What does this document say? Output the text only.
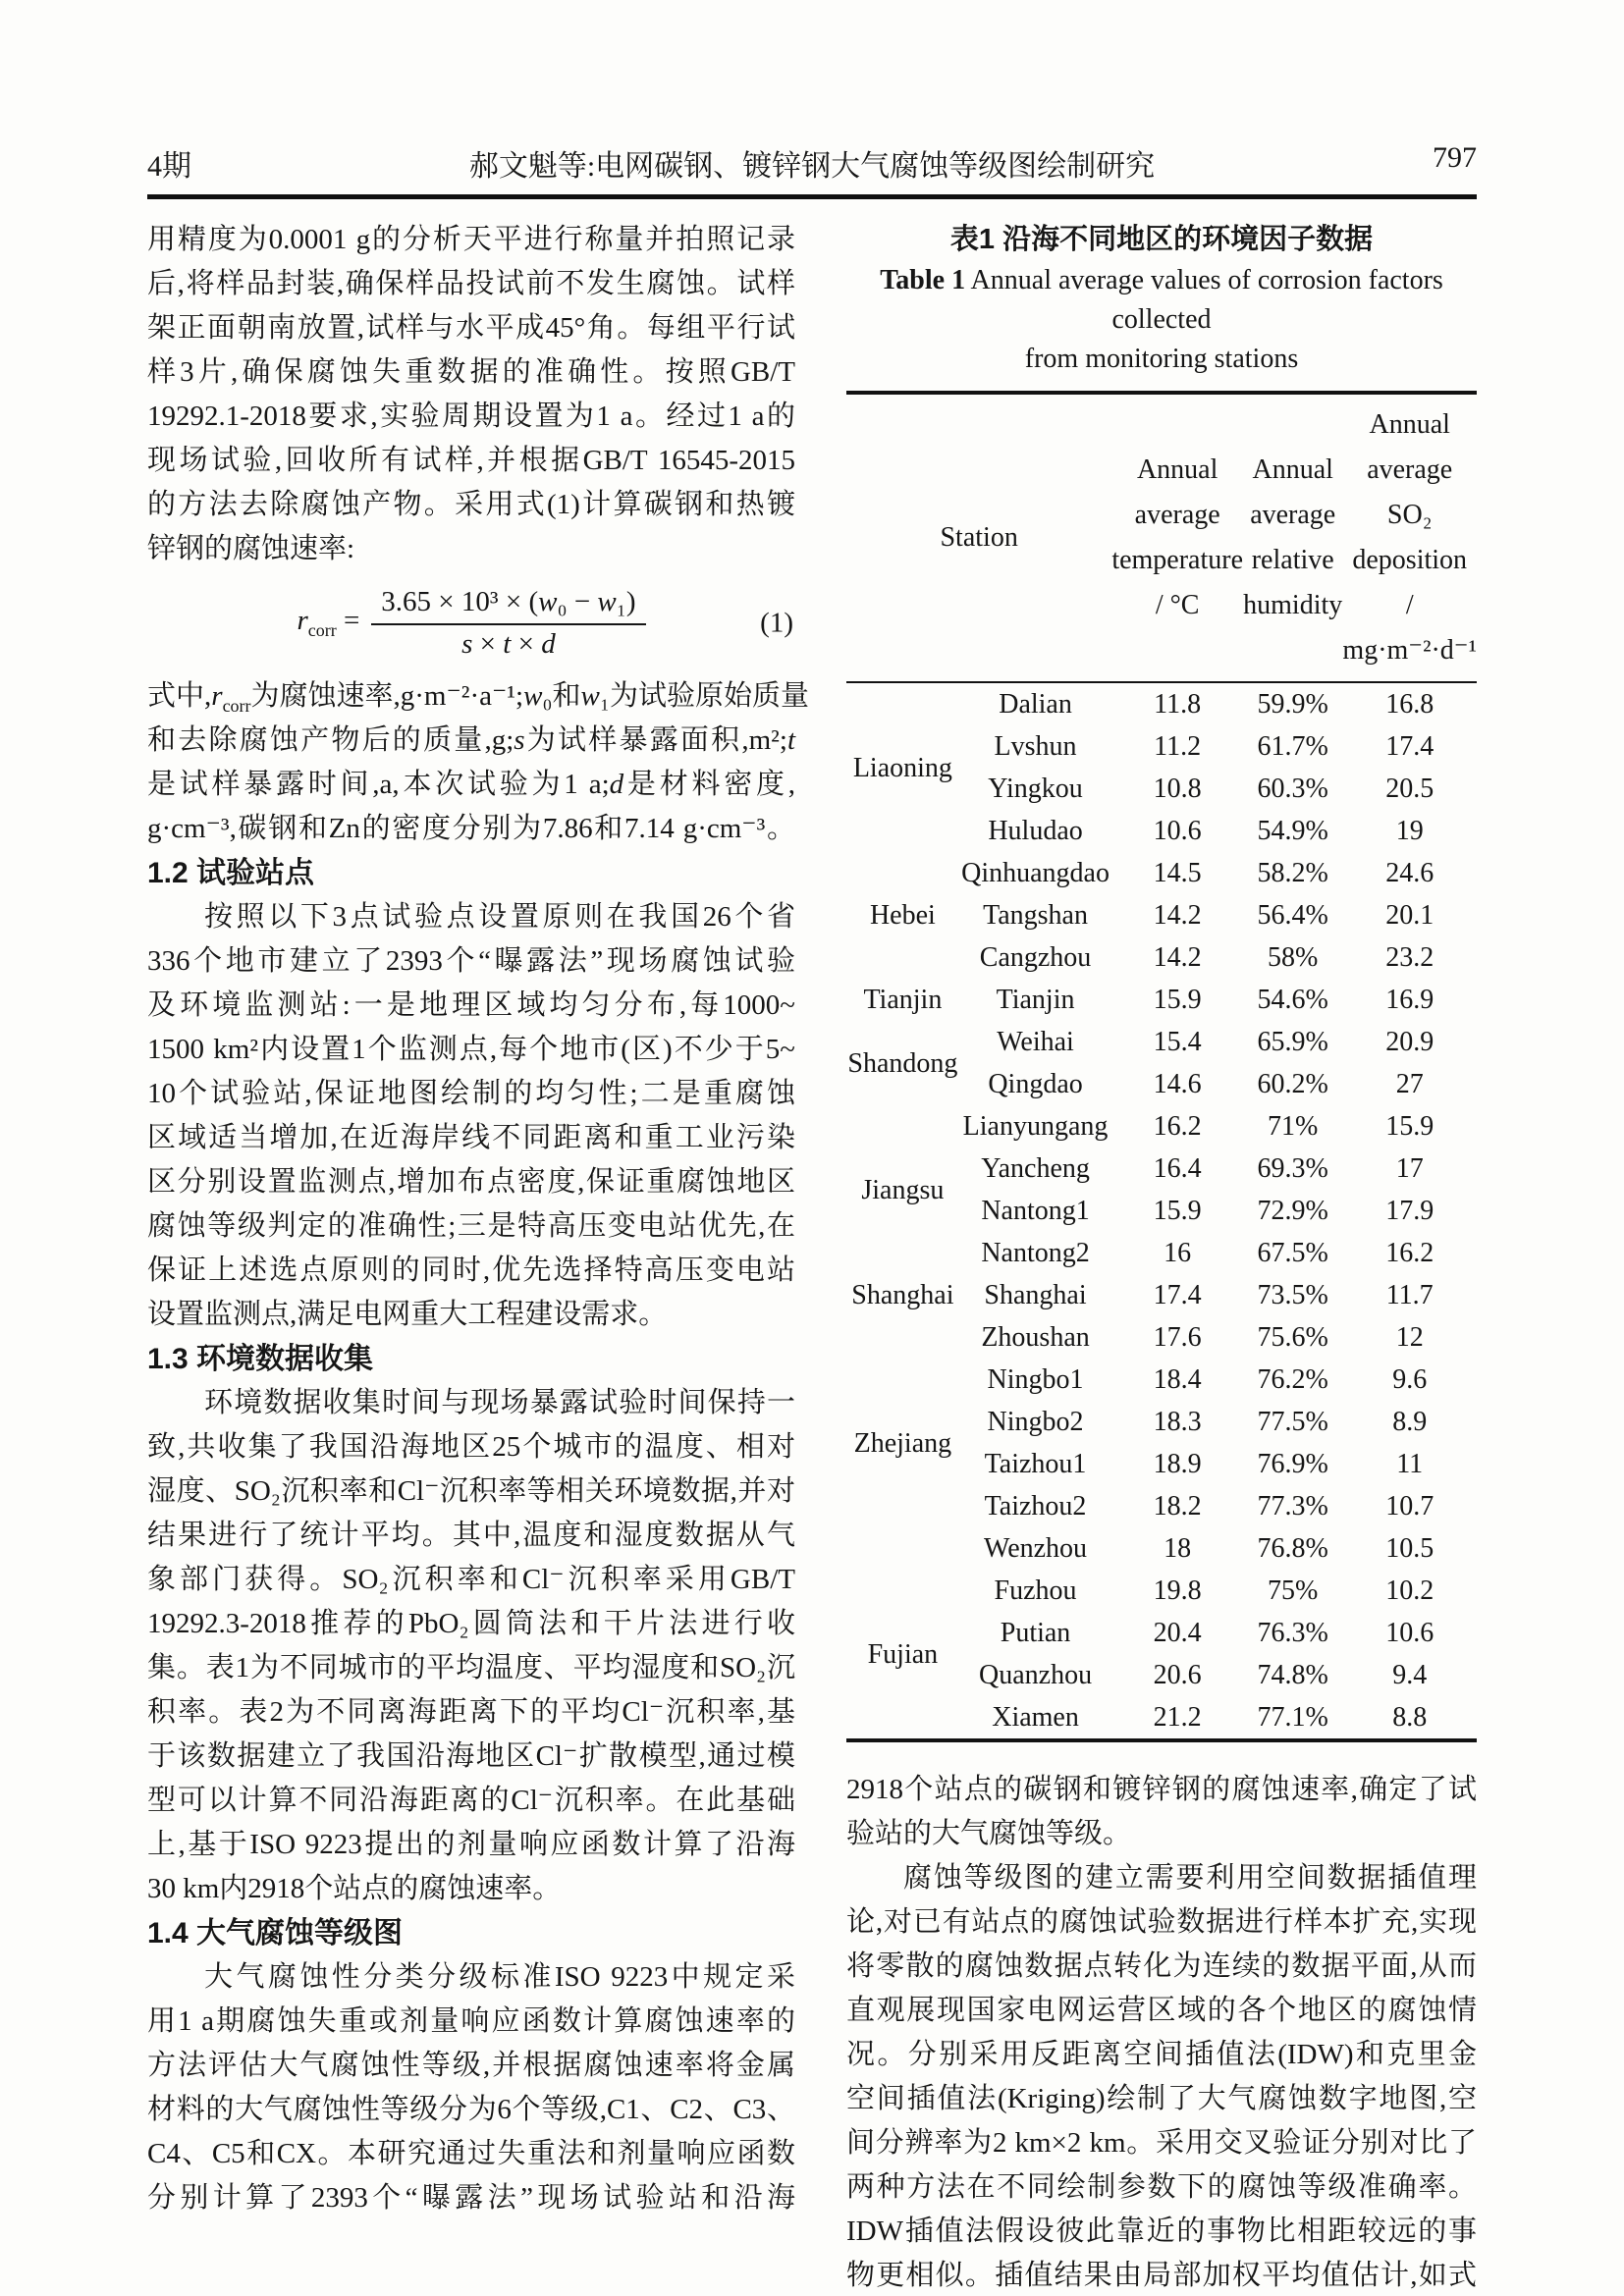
4期	郝文魁等:电网碳钢、镀锌钢大气腐蚀等级图绘制研究	797
用精度为0.0001 g的分析天平进行称量并拍照记录
后,将样品封装,确保样品投试前不发生腐蚀。试样
架正面朝南放置,试样与水平成45°角。每组平行试
样3片,确保腐蚀失重数据的准确性。按照GB/T
19292.1-2018要求,实验周期设置为1 a。经过1 a的
现场试验,回收所有试样,并根据GB/T 16545-2015
的方法去除腐蚀产物。采用式(1)计算碳钢和热镀
锌钢的腐蚀速率:
$r_{corr} = \frac{\text{3.65 × 10³ × (w₀ − w₁)}}{s \times t \times d}$	(1)
式中$,r_{corr}$为腐蚀速率,g·m⁻²·a⁻¹;w₀和w₁为试验原始质量
和去除腐蚀产物后的质量,g;s为试样暴露面积,m²;t
是试样暴露时间,a,本次试验为1 a;d是材料密度,
g·cm⁻³,碳钢和Zn的密度分别为7.86和7.14 g·cm⁻³。
1.2 试验站点
按照以下3点试验点设置原则在我国26个省
336个地市建立了2393个“曝露法”现场腐蚀试验
及环境监测站:一是地理区域均匀分布,每1000~
1500 km²内设置1个监测点,每个地市(区)不少于5~
10个试验站,保证地图绘制的均匀性;二是重腐蚀
区域适当增加,在近海岸线不同距离和重工业污染
区分别设置监测点,增加布点密度,保证重腐蚀地区
腐蚀等级判定的准确性;三是特高压变电站优先,在
保证上述选点原则的同时,优先选择特高压变电站
设置监测点,满足电网重大工程建设需求。
1.3 环境数据收集
环境数据收集时间与现场暴露试验时间保持一
致,共收集了我国沿海地区25个城市的温度、相对
湿度、SO₂沉积率和Cl⁻沉积率等相关环境数据,并对
结果进行了统计平均。其中,温度和湿度数据从气
象部门获得。SO₂沉积率和Cl⁻沉积率采用GB/T
19292.3-2018推荐的PbO₂圆筒法和干片法进行收
集。表1为不同城市的平均温度、平均湿度和SO₂沉
积率。表2为不同离海距离下的平均Cl⁻沉积率,基
于该数据建立了我国沿海地区Cl⁻扩散模型,通过模
型可以计算不同沿海距离的Cl⁻沉积率。在此基础
上,基于ISO 9223提出的剂量响应函数计算了沿海
30 km内2918个站点的腐蚀速率。
1.4 大气腐蚀等级图
大气腐蚀性分类分级标准ISO 9223中规定采
用1 a期腐蚀失重或剂量响应函数计算腐蚀速率的
方法评估大气腐蚀性等级,并根据腐蚀速率将金属
材料的大气腐蚀性等级分为6个等级,C1、C2、C3、
C4、C5和CX。本研究通过失重法和剂量响应函数
分别计算了2393个“曝露法”现场试验站和沿海
表1 沿海不同地区的环境因子数据
Table 1 Annual average values of corrosion factors collected
from monitoring stations
Station		Annual
average
temperature
/ °C	Annual
average
relative
humidity	Annual
average SO₂
deposition
/ mg·m⁻²·d⁻¹

Liaoning	Dalian	11.8	59.9%	16.8
	Lvshun	11.2	61.7%	17.4
	Yingkou	10.8	60.3%	20.5
	Huludao	10.6	54.9%	19
Hebei	Qinhuangdao	14.5	58.2%	24.6
	Tangshan	14.2	56.4%	20.1
	Cangzhou	14.2	58%	23.2
Tianjin	Tianjin	15.9	54.6%	16.9
Shandong	Weihai	15.4	65.9%	20.9
	Qingdao	14.6	60.2%	27
Jiangsu	Lianyungang	16.2	71%	15.9
	Yancheng	16.4	69.3%	17
	Nantong1	15.9	72.9%	17.9
	Nantong2	16	67.5%	16.2
Shanghai	Shanghai	17.4	73.5%	11.7
Zhejiang	Zhoushan	17.6	75.6%	12
	Ningbo1	18.4	76.2%	9.6
	Ningbo2	18.3	77.5%	8.9
	Taizhou1	18.9	76.9%	11
	Taizhou2	18.2	77.3%	10.7
	Wenzhou	18	76.8%	10.5
Fujian	Fuzhou	19.8	75%	10.2
	Putian	20.4	76.3%	10.6
	Quanzhou	20.6	74.8%	9.4
	Xiamen	21.2	77.1%	8.8
2918个站点的碳钢和镀锌钢的腐蚀速率,确定了试
验站的大气腐蚀等级。
腐蚀等级图的建立需要利用空间数据插值理
论,对已有站点的腐蚀试验数据进行样本扩充,实现
将零散的腐蚀数据点转化为连续的数据平面,从而
直观展现国家电网运营区域的各个地区的腐蚀情
况。分别采用反距离空间插值法(IDW)和克里金
空间插值法(Kriging)绘制了大气腐蚀数字地图,空
间分辨率为2 km×2 km。采用交叉验证分别对比了
两种方法在不同绘制参数下的腐蚀等级准确率。
IDW插值法假设彼此靠近的事物比相距较远的事
物更相似。插值结果由局部加权平均值估计,如式
